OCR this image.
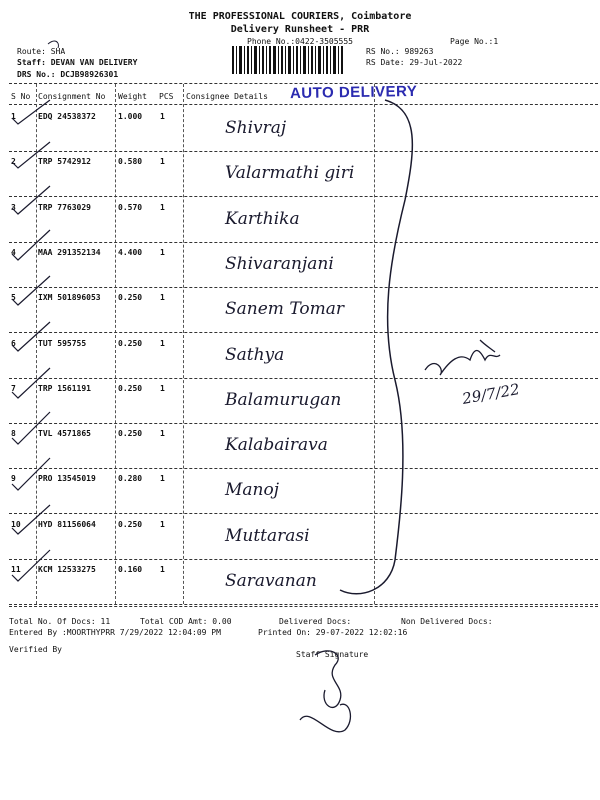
THE PROFESSIONAL COURIERS, Coimbatore
Delivery Runsheet - PRR
Phone No.:0422-3505555	Page No.:1
Route: SHA
Staff: DEVAN VAN DELIVERY
DRS No.: DCJB98926301
RS No.: 989263
RS Date: 29-Jul-2022
S No Consignment No Weight PCS Consignee Details AUTO DELIVERY
1	EDQ 24538372	1.000 1
Shivraj
2	TRP 5742912	0.580 1
Valarmathi giri
3	TRP 7763029	0.570 1
Karthika
4	MAA 291352134 4.400 1
Shivaranjani
5	IXM 501896053 0.250 1
Sanem Tomar
6	TUT 595755	0.250 1
Sathya
7	TRP 1561191	0.250 1
Balamurugan
8	TVL 4571865	0.250 1
Kalabairava
9	PRO 13545019	0.280 1
Manoj
10 HYD 81156064	0.250 1
Muttarasi
11 KCM 12533275	0.160 1
Saravanan
Total No. Of Docs: 11	Total COD Amt: 0.00	Delivered Docs:	Non Delivered Docs:
Entered By :MOORTHYPRR 7/29/2022 12:04:09 PM	Printed On: 29-07-2022 12:02:16
Verified By
Staff Signature
29/7/22
